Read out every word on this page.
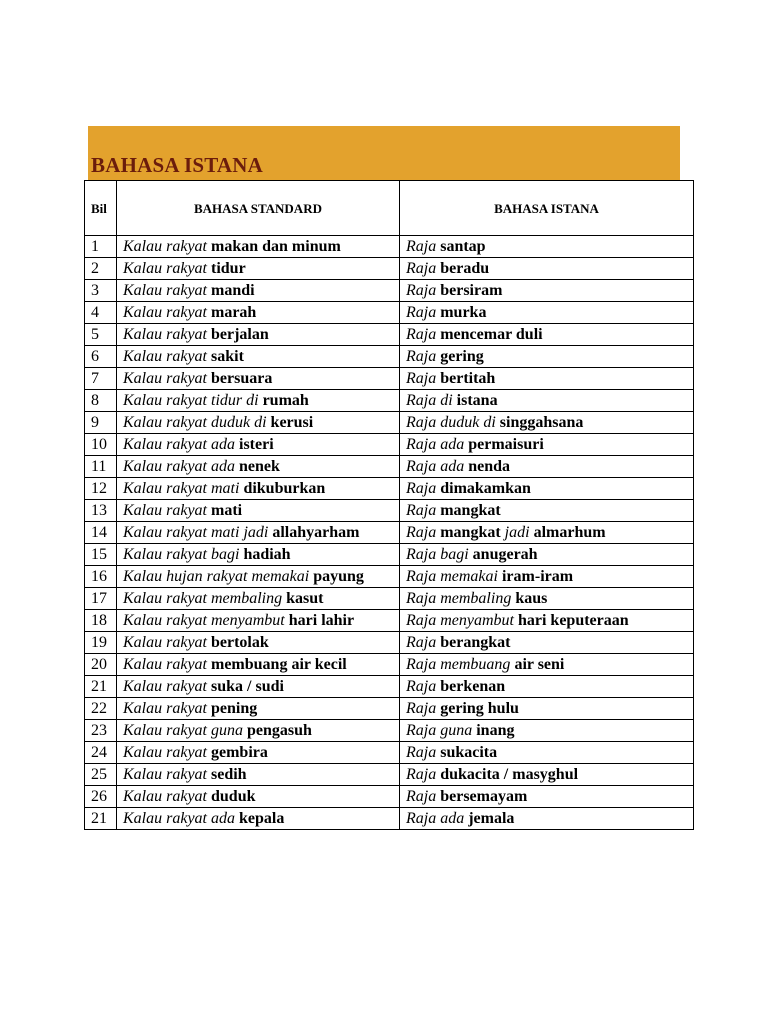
BAHASA ISTANA
Bil	BAHASA STANDARD	BAHASA ISTANA
1	Kalau rakyat makan dan minum	Raja santap
2	Kalau rakyat tidur	Raja beradu
3	Kalau rakyat mandi	Raja bersiram
4	Kalau rakyat marah	Raja murka
5	Kalau rakyat berjalan	Raja mencemar duli
6	Kalau rakyat sakit	Raja gering
7	Kalau rakyat bersuara	Raja bertitah
8	Kalau rakyat tidur di rumah	Raja di istana
9	Kalau rakyat duduk di kerusi	Raja duduk di singgahsana
10	Kalau rakyat ada isteri	Raja ada permaisuri
11	Kalau rakyat ada nenek	Raja ada nenda
12	Kalau rakyat mati dikuburkan	Raja dimakamkan
13	Kalau rakyat mati	Raja mangkat
14	Kalau rakyat mati jadi allahyarham	Raja mangkat jadi almarhum
15	Kalau rakyat bagi hadiah	Raja bagi anugerah
16	Kalau hujan rakyat memakai payung	Raja memakai iram-iram
17	Kalau rakyat membaling kasut	Raja membaling kaus
18	Kalau rakyat menyambut hari lahir	Raja menyambut hari keputeraan
19	Kalau rakyat bertolak	Raja berangkat
20	Kalau rakyat membuang air kecil	Raja membuang air seni
21	Kalau rakyat suka / sudi	Raja berkenan
22	Kalau rakyat pening	Raja gering hulu
23	Kalau rakyat guna pengasuh	Raja guna inang
24	Kalau rakyat gembira	Raja sukacita
25	Kalau rakyat sedih	Raja dukacita / masyghul
26	Kalau rakyat duduk	Raja bersemayam
21	Kalau rakyat ada kepala	Raja ada jemala
